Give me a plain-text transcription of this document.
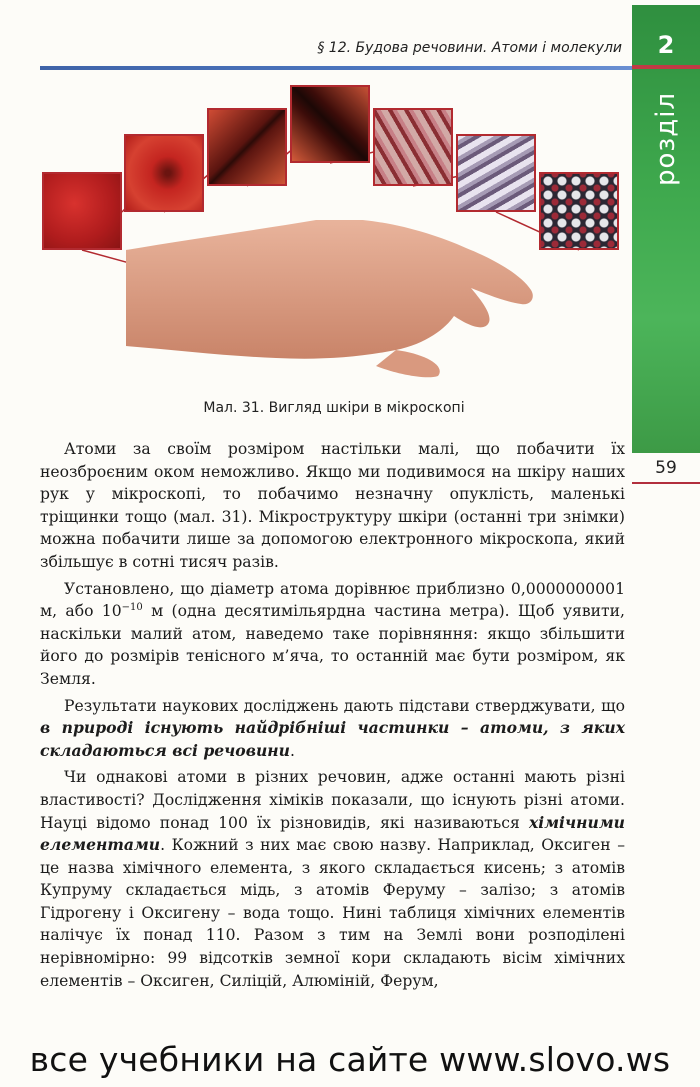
§ 12. Будова речовини. Атоми і молекули	2
розділ
59
Мал. 31. Вигляд шкіри в мікроскопі

Атоми за своїм розміром настільки малі, що побачити їх неозброєним оком неможливо. Якщо ми подивимося на шкіру наших рук у мікроскопі, то побачимо незначну опуклість, маленькі тріщинки тощо (мал. 31). Мікроструктуру шкіри (останні три знімки) можна побачити лише за допомогою електронного мікроскопа, який збільшує в сотні тисяч разів.

Установлено, що діаметр атома дорівнює приблизно 0,0000000001 м, або $10^{-10}$ м (одна десятимільярдна частина метра). Щоб уявити, наскільки малий атом, наведемо таке порівняння: якщо збільшити його до розмірів тенісного м’яча, то останній має бути розміром, як Земля.

Результати наукових досліджень дають підстави стверджувати, що в природі існують найдрібніші частинки – атоми, з яких складаються всі речовини.

Чи однакові атоми в різних речовин, адже останні мають різні властивості? Дослідження хіміків показали, що існують різні атоми. Науці відомо понад 100 їх різновидів, які називаються хімічними елементами. Кожний з них має свою назву. Наприклад, Оксиген – це назва хімічного елемента, з якого складається кисень; з атомів Купруму складається мідь, з атомів Феруму – залізо; з атомів Гідрогену і Оксигену – вода тощо. Нині таблиця хімічних елементів налічує їх понад 110. Разом з тим на Землі вони розподілені нерівномірно: 99 відсотків земної кори складають вісім хімічних елементів – Оксиген, Силіцій, Алюміній, Ферум,

все учебники на сайте www.slovo.ws
